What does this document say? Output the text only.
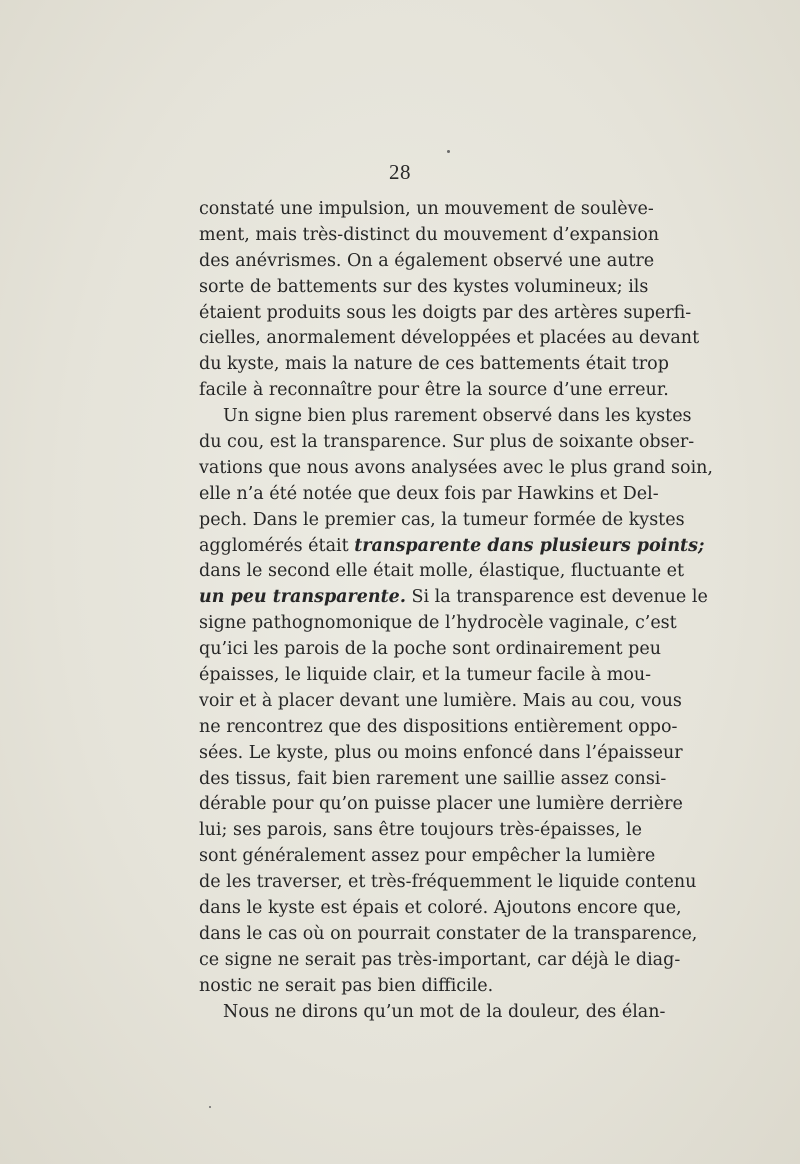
28
constaté une impulsion, un mouvement de soulève-
ment, mais très-distinct du mouvement d’expansion
des anévrismes. On a également observé une autre
sorte de battements sur des kystes volumineux; ils
étaient produits sous les doigts par des artères superfi-
cielles, anormalement développées et placées au devant
du kyste, mais la nature de ces battements était trop
facile à reconnaître pour être la source d’une erreur.
Un signe bien plus rarement observé dans les kystes
du cou, est la transparence. Sur plus de soixante obser-
vations que nous avons analysées avec le plus grand soin,
elle n’a été notée que deux fois par Hawkins et Del-
pech. Dans le premier cas, la tumeur formée de kystes
agglomérés était transparente dans plusieurs points;
dans le second elle était molle, élastique, fluctuante et
un peu transparente. Si la transparence est devenue le
signe pathognomonique de l’hydrocèle vaginale, c’est
qu’ici les parois de la poche sont ordinairement peu
épaisses, le liquide clair, et la tumeur facile à mou-
voir et à placer devant une lumière. Mais au cou, vous
ne rencontrez que des dispositions entièrement oppo-
sées. Le kyste, plus ou moins enfoncé dans l’épaisseur
des tissus, fait bien rarement une saillie assez consi-
dérable pour qu’on puisse placer une lumière derrière
lui; ses parois, sans être toujours très-épaisses, le
sont généralement assez pour empêcher la lumière
de les traverser, et très-fréquemment le liquide contenu
dans le kyste est épais et coloré. Ajoutons encore que,
dans le cas où on pourrait constater de la transparence,
ce signe ne serait pas très-important, car déjà le diag-
nostic ne serait pas bien difficile.
Nous ne dirons qu’un mot de la douleur, des élan-
